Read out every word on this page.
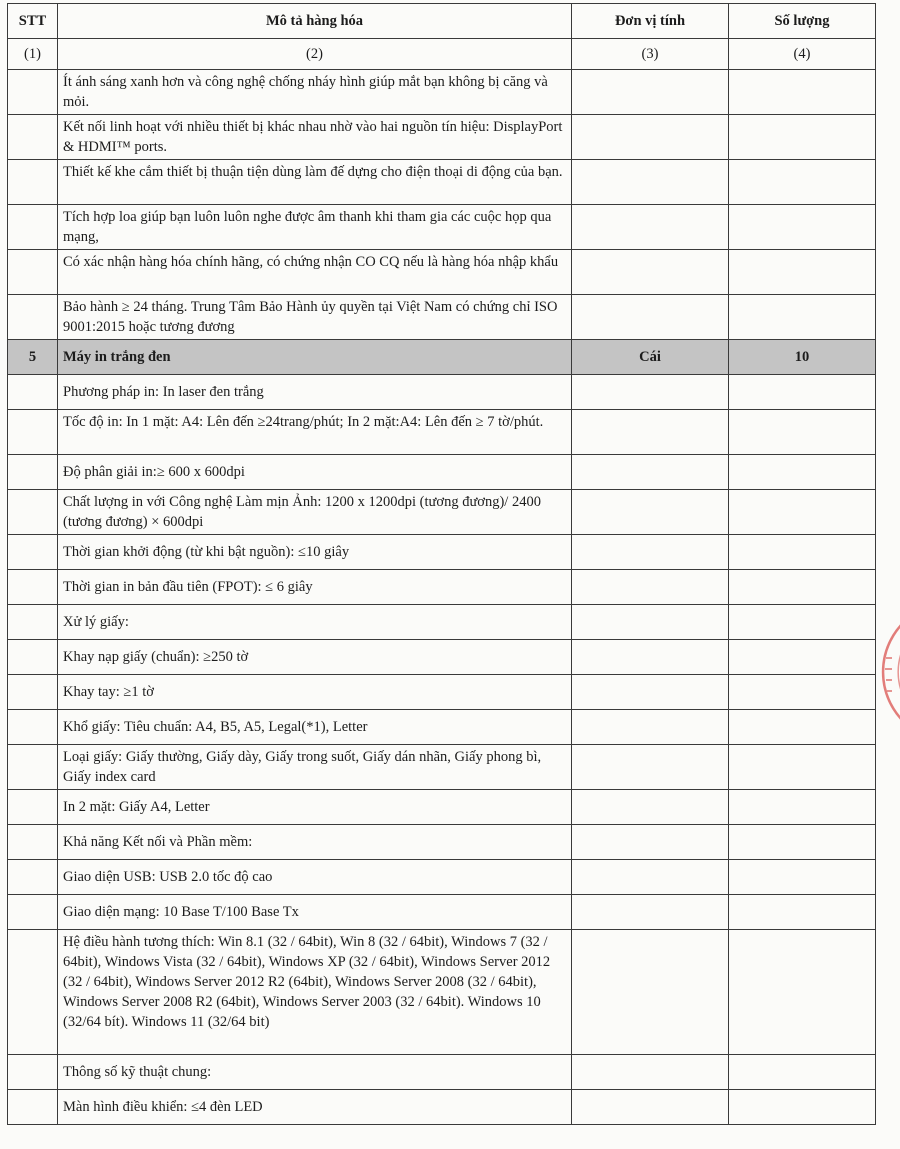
STT	Mô tả hàng hóa	Đơn vị tính	Số lượng
(1)	(2)	(3)	(4)
	Ít ánh sáng xanh hơn và công nghệ chống nháy hình giúp mắt bạn không bị căng và mỏi.		
	Kết nối linh hoạt với nhiều thiết bị khác nhau nhờ vào hai nguồn tín hiệu: DisplayPort & HDMI™ ports.		
	Thiết kế khe cắm thiết bị thuận tiện dùng làm đế dựng cho điện thoại di động của bạn.		
	Tích hợp loa giúp bạn luôn luôn nghe được âm thanh khi tham gia các cuộc họp qua mạng,		
	Có xác nhận hàng hóa chính hãng, có chứng nhận CO CQ nếu là hàng hóa nhập khẩu		
	Bảo hành ≥ 24 tháng. Trung Tâm Bảo Hành ủy quyền tại Việt Nam có chứng chỉ ISO 9001:2015 hoặc tương đương		
5	Máy in trắng đen	Cái	10
	Phương pháp in: In laser đen trắng		
	Tốc độ in: In 1 mặt: A4: Lên đến ≥24trang/phút; In 2 mặt:A4: Lên đến ≥ 7 tờ/phút.		
	Độ phân giải in:≥ 600 x 600dpi		
	Chất lượng in với Công nghệ Làm mịn Ảnh: 1200 x 1200dpi (tương đương)/ 2400 (tương đương) × 600dpi		
	Thời gian khởi động (từ khi bật nguồn): ≤10 giây		
	Thời gian in bản đầu tiên (FPOT): ≤ 6 giây		
	Xử lý giấy:		
	Khay nạp giấy (chuẩn): ≥250 tờ		
	Khay tay: ≥1 tờ		
	Khổ giấy: Tiêu chuẩn: A4, B5, A5, Legal(*1), Letter		
	Loại giấy: Giấy thường, Giấy dày, Giấy trong suốt, Giấy dán nhãn, Giấy phong bì, Giấy index card		
	In 2 mặt: Giấy A4, Letter		
	Khả năng Kết nối và Phần mềm:		
	Giao diện USB: USB 2.0 tốc độ cao		
	Giao diện mạng: 10 Base T/100 Base Tx		
	Hệ điều hành tương thích: Win 8.1 (32 / 64bit), Win 8 (32 / 64bit), Windows 7 (32 / 64bit), Windows Vista (32 / 64bit), Windows XP (32 / 64bit), Windows Server 2012 (32 / 64bit), Windows Server 2012 R2 (64bit), Windows Server 2008 (32 / 64bit), Windows Server 2008 R2 (64bit), Windows Server 2003 (32 / 64bit). Windows 10 (32/64 bít). Windows 11 (32/64 bit)		
	Thông số kỹ thuật chung:		
	Màn hình điều khiển: ≤4 đèn LED		
